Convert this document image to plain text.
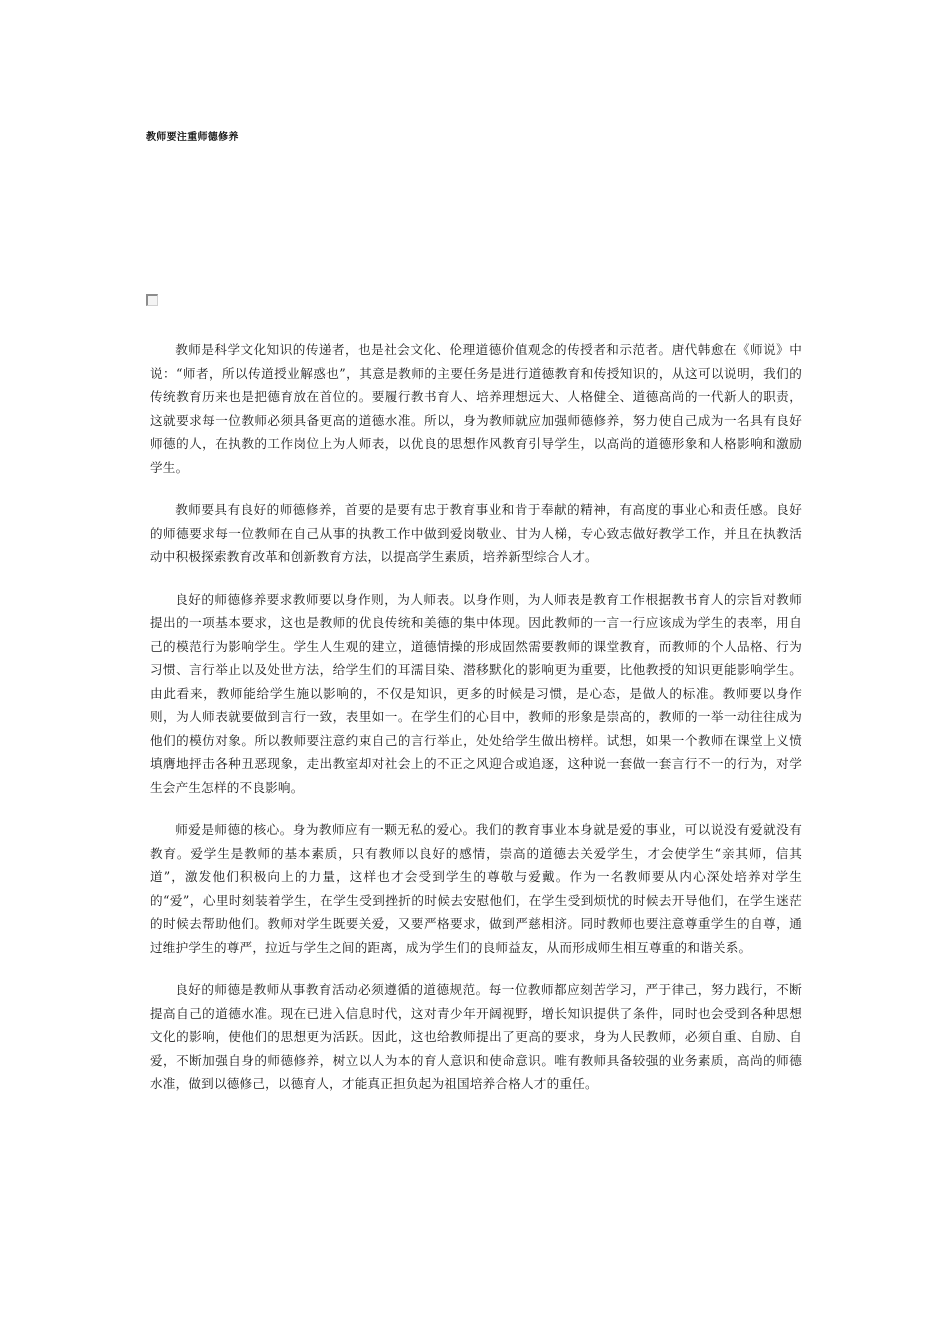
教师要注重师德修养

教师是科学文化知识的传递者，也是社会文化、伦理道德价值观念的传授者和示范者。唐代韩愈在《师说》中说：“师者，所以传道授业解惑也”，其意是教师的主要任务是进行道德教育和传授知识的，从这可以说明，我们的传统教育历来也是把德育放在首位的。要履行教书育人、培养理想远大、人格健全、道德高尚的一代新人的职责，这就要求每一位教师必须具备更高的道德水准。所以，身为教师就应加强师德修养，努力使自己成为一名具有良好师德的人，在执教的工作岗位上为人师表，以优良的思想作风教育引导学生，以高尚的道德形象和人格影响和激励学生。

教师要具有良好的师德修养，首要的是要有忠于教育事业和肯于奉献的精神，有高度的事业心和责任感。良好的师德要求每一位教师在自己从事的执教工作中做到爱岗敬业、甘为人梯，专心致志做好教学工作，并且在执教活动中积极探索教育改革和创新教育方法，以提高学生素质，培养新型综合人才。

良好的师德修养要求教师要以身作则，为人师表。以身作则，为人师表是教育工作根据教书育人的宗旨对教师提出的一项基本要求，这也是教师的优良传统和美德的集中体现。因此教师的一言一行应该成为学生的表率，用自己的模范行为影响学生。学生人生观的建立，道德情操的形成固然需要教师的课堂教育，而教师的个人品格、行为习惯、言行举止以及处世方法，给学生们的耳濡目染、潜移默化的影响更为重要，比他教授的知识更能影响学生。由此看来，教师能给学生施以影响的，不仅是知识，更多的时候是习惯，是心态，是做人的标准。教师要以身作则，为人师表就要做到言行一致，表里如一。在学生们的心目中，教师的形象是崇高的，教师的一举一动往往成为他们的模仿对象。所以教师要注意约束自己的言行举止，处处给学生做出榜样。试想，如果一个教师在课堂上义愤填膺地抨击各种丑恶现象，走出教室却对社会上的不正之风迎合或追逐，这种说一套做一套言行不一的行为，对学生会产生怎样的不良影响。

师爱是师德的核心。身为教师应有一颗无私的爱心。我们的教育事业本身就是爱的事业，可以说没有爱就没有教育。爱学生是教师的基本素质，只有教师以良好的感情，崇高的道德去关爱学生，才会使学生“亲其师，信其道”，激发他们积极向上的力量，这样也才会受到学生的尊敬与爱戴。作为一名教师要从内心深处培养对学生的“爱”，心里时刻装着学生，在学生受到挫折的时候去安慰他们，在学生受到烦忧的时候去开导他们，在学生迷茫的时候去帮助他们。教师对学生既要关爱，又要严格要求，做到严慈相济。同时教师也要注意尊重学生的自尊，通过维护学生的尊严，拉近与学生之间的距离，成为学生们的良师益友，从而形成师生相互尊重的和谐关系。

良好的师德是教师从事教育活动必须遵循的道德规范。每一位教师都应刻苦学习，严于律己，努力践行，不断提高自己的道德水准。现在已进入信息时代，这对青少年开阔视野，增长知识提供了条件，同时也会受到各种思想文化的影响，使他们的思想更为活跃。因此，这也给教师提出了更高的要求，身为人民教师，必须自重、自励、自爱，不断加强自身的师德修养，树立以人为本的育人意识和使命意识。唯有教师具备较强的业务素质，高尚的师德水准，做到以德修己，以德育人，才能真正担负起为祖国培养合格人才的重任。
